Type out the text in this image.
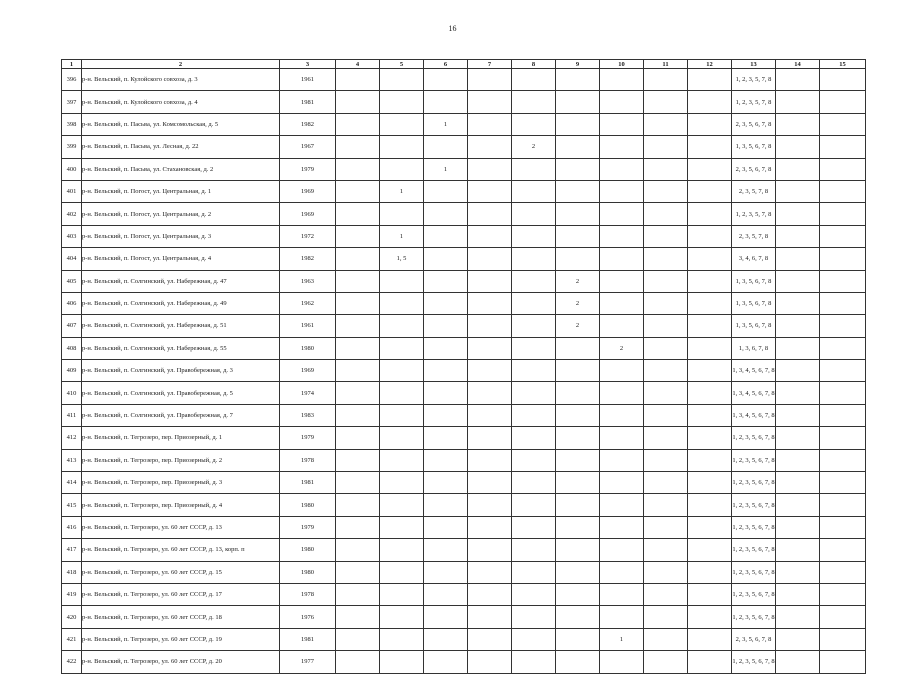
16
1	2	3	4	5	6	7	8	9	10	11	12	13	14	15
396	р-н. Вельский, п. Кулойского совхоза, д. 3	1961										1, 2, 3, 5, 7, 8		
397	р-н. Вельский, п. Кулойского совхоза, д. 4	1981										1, 2, 3, 5, 7, 8		
398	р-н. Вельский, п. Пасьва, ул. Комсомольская, д. 5	1982			1							2, 3, 5, 6, 7, 8		
399	р-н. Вельский, п. Пасьва, ул. Лесная, д. 22	1967					2					1, 3, 5, 6, 7, 8		
400	р-н. Вельский, п. Пасьва, ул. Стахановская, д. 2	1979			1							2, 3, 5, 6, 7, 8		
401	р-н. Вельский, п. Погост, ул. Центральная, д. 1	1969		1								2, 3, 5, 7, 8		
402	р-н. Вельский, п. Погост, ул. Центральная, д. 2	1969										1, 2, 3, 5, 7, 8		
403	р-н. Вельский, п. Погост, ул. Центральная, д. 3	1972		1								2, 3, 5, 7, 8		
404	р-н. Вельский, п. Погост, ул. Центральная, д. 4	1982		1, 5								3, 4, 6, 7, 8		
405	р-н. Вельский, п. Солгинский, ул. Набережная, д. 47	1963						2				1, 3, 5, 6, 7, 8		
406	р-н. Вельский, п. Солгинский, ул. Набережная, д. 49	1962						2				1, 3, 5, 6, 7, 8		
407	р-н. Вельский, п. Солгинский, ул. Набережная, д. 51	1961						2				1, 3, 5, 6, 7, 8		
408	р-н. Вельский, п. Солгинский, ул. Набережная, д. 55	1980							2			1, 3, 6, 7, 8		
409	р-н. Вельский, п. Солгинский, ул. Правобережная, д. 3	1969										1, 3, 4, 5, 6, 7, 8		
410	р-н. Вельский, п. Солгинский, ул. Правобережная, д. 5	1974										1, 3, 4, 5, 6, 7, 8		
411	р-н. Вельский, п. Солгинский, ул. Правобережная, д. 7	1983										1, 3, 4, 5, 6, 7, 8		
412	р-н. Вельский, п. Тегрозеро, пер. Приозерный, д. 1	1979										1, 2, 3, 5, 6, 7, 8		
413	р-н. Вельский, п. Тегрозеро, пер. Приозерный, д. 2	1978										1, 2, 3, 5, 6, 7, 8		
414	р-н. Вельский, п. Тегрозеро, пер. Приозерный, д. 3	1981										1, 2, 3, 5, 6, 7, 8		
415	р-н. Вельский, п. Тегрозеро, пер. Приозерный, д. 4	1980										1, 2, 3, 5, 6, 7, 8		
416	р-н. Вельский, п. Тегрозеро, ул. 60 лет СССР, д. 13	1979										1, 2, 3, 5, 6, 7, 8		
417	р-н. Вельский, п. Тегрозеро, ул. 60 лет СССР, д. 13, корп. п	1980										1, 2, 3, 5, 6, 7, 8		
418	р-н. Вельский, п. Тегрозеро, ул. 60 лет СССР, д. 15	1980										1, 2, 3, 5, 6, 7, 8		
419	р-н. Вельский, п. Тегрозеро, ул. 60 лет СССР, д. 17	1978										1, 2, 3, 5, 6, 7, 8		
420	р-н. Вельский, п. Тегрозеро, ул. 60 лет СССР, д. 18	1976										1, 2, 3, 5, 6, 7, 8		
421	р-н. Вельский, п. Тегрозеро, ул. 60 лет СССР, д. 19	1981							1			2, 3, 5, 6, 7, 8		
422	р-н. Вельский, п. Тегрозеро, ул. 60 лет СССР, д. 20	1977										1, 2, 3, 5, 6, 7, 8		
